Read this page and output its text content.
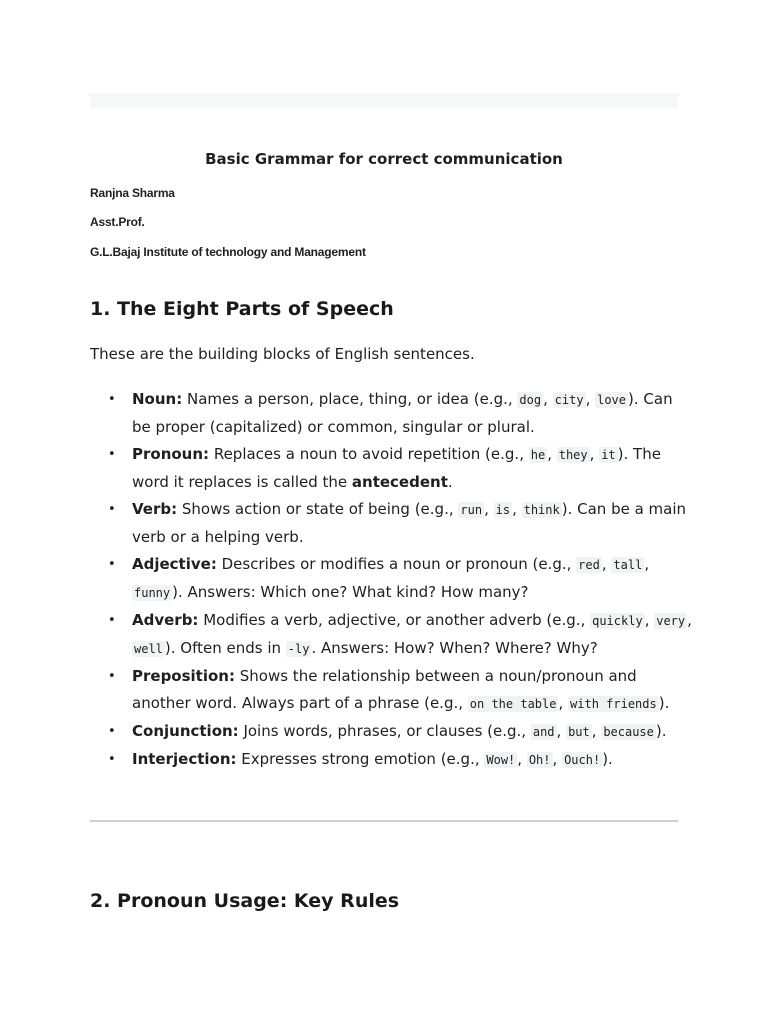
Basic Grammar for correct communication

Ranjna Sharma

Asst.Prof.

G.L.Bajaj Institute of technology and Management

1. The Eight Parts of Speech

These are the building blocks of English sentences.

• Noun: Names a person, place, thing, or idea (e.g., dog , city , love ). Can be proper (capitalized) or common, singular or plural.
• Pronoun: Replaces a noun to avoid repetition (e.g., he , they , it ). The word it replaces is called the antecedent.
• Verb: Shows action or state of being (e.g., run , is , think ). Can be a main verb or a helping verb.
• Adjective: Describes or modifies a noun or pronoun (e.g., red , tall , funny ). Answers: Which one? What kind? How many?
• Adverb: Modifies a verb, adjective, or another adverb (e.g., quickly , very , well ). Often ends in -ly . Answers: How? When? Where? Why?
• Preposition: Shows the relationship between a noun/pronoun and another word. Always part of a phrase (e.g., on the table , with friends ).
• Conjunction: Joins words, phrases, or clauses (e.g., and , but , because ).
• Interjection: Expresses strong emotion (e.g., Wow! , Oh! , Ouch! ).
2. Pronoun Usage: Key Rules
